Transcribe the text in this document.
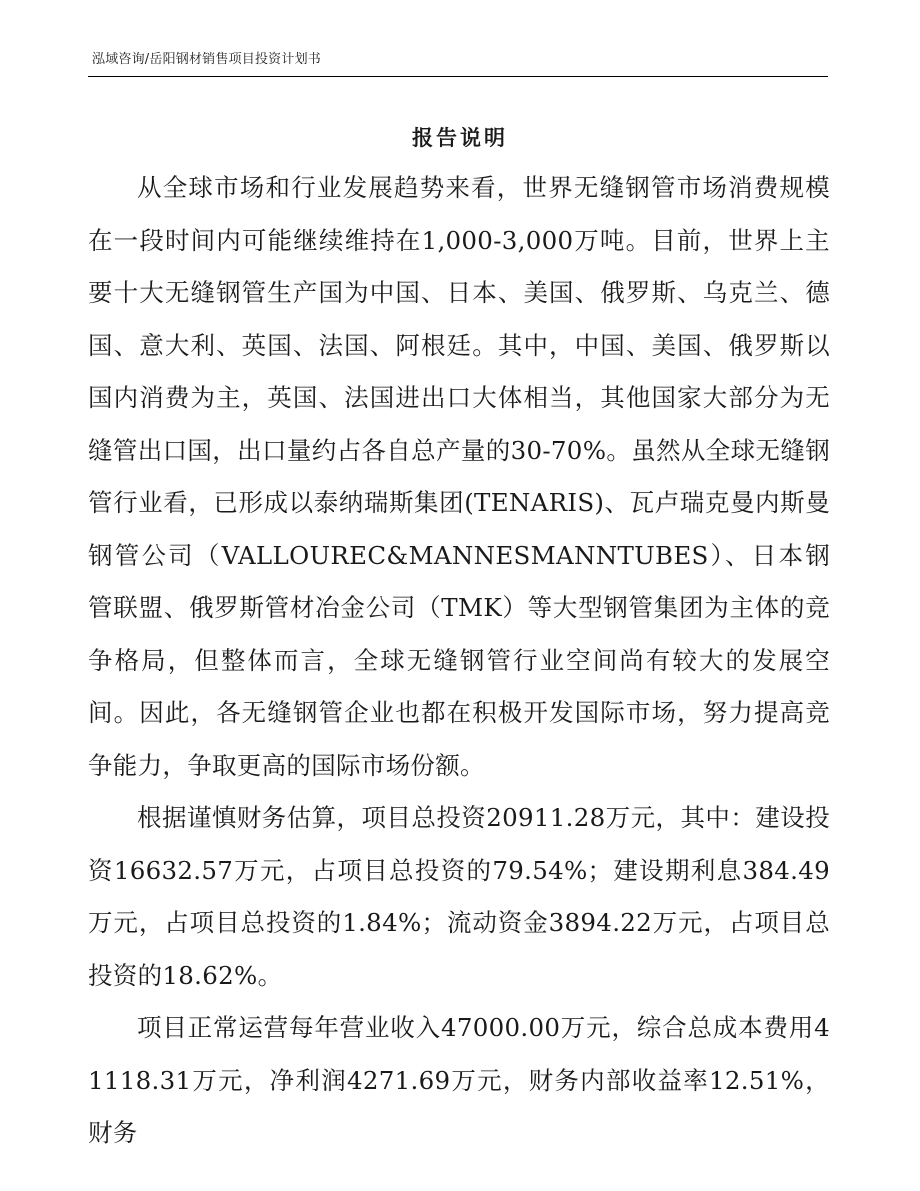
泓域咨询/岳阳钢材销售项目投资计划书
报告说明

从全球市场和行业发展趋势来看，世界无缝钢管市场消费规模在一段时间内可能继续维持在1,000-3,000万吨。目前，世界上主要十大无缝钢管生产国为中国、日本、美国、俄罗斯、乌克兰、德国、意大利、英国、法国、阿根廷。其中，中国、美国、俄罗斯以国内消费为主，英国、法国进出口大体相当，其他国家大部分为无缝管出口国，出口量约占各自总产量的30-70%。虽然从全球无缝钢管行业看，已形成以泰纳瑞斯集团(TENARIS)、瓦卢瑞克曼内斯曼钢管公司（VALLOUREC&MANNESMANNTUBES）、日本钢管联盟、俄罗斯管材冶金公司（TMK）等大型钢管集团为主体的竞争格局，但整体而言，全球无缝钢管行业空间尚有较大的发展空间。因此，各无缝钢管企业也都在积极开发国际市场，努力提高竞争能力，争取更高的国际市场份额。

根据谨慎财务估算，项目总投资20911.28万元，其中：建设投资16632.57万元，占项目总投资的79.54%；建设期利息384.49万元，占项目总投资的1.84%；流动资金3894.22万元，占项目总投资的18.62%。

项目正常运营每年营业收入47000.00万元，综合总成本费用41118.31万元，净利润4271.69万元，财务内部收益率12.51%，财务
